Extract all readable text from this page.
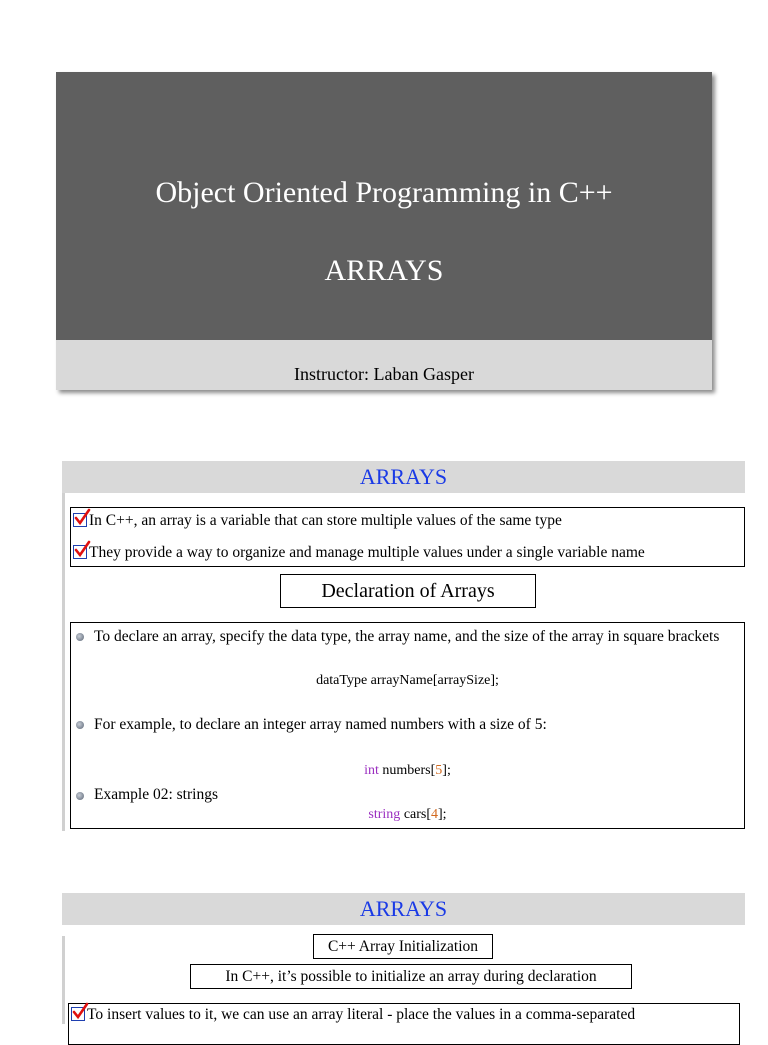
Object Oriented Programming in C++
ARRAYS
Instructor: Laban Gasper
ARRAYS
In C++, an array is a variable that can store multiple values of the same type
They provide a way to organize and manage multiple values under a single variable name
Declaration of Arrays
To declare an array, specify the data type, the array name, and the size of the array in square brackets
dataType arrayName[arraySize];
For example, to declare an integer array named numbers with a size of 5:
int numbers[5];
Example 02: strings
string cars[4];
ARRAYS
C++ Array Initialization
In C++, it’s possible to initialize an array during declaration
To insert values to it, we can use an array literal - place the values in a comma-separated
